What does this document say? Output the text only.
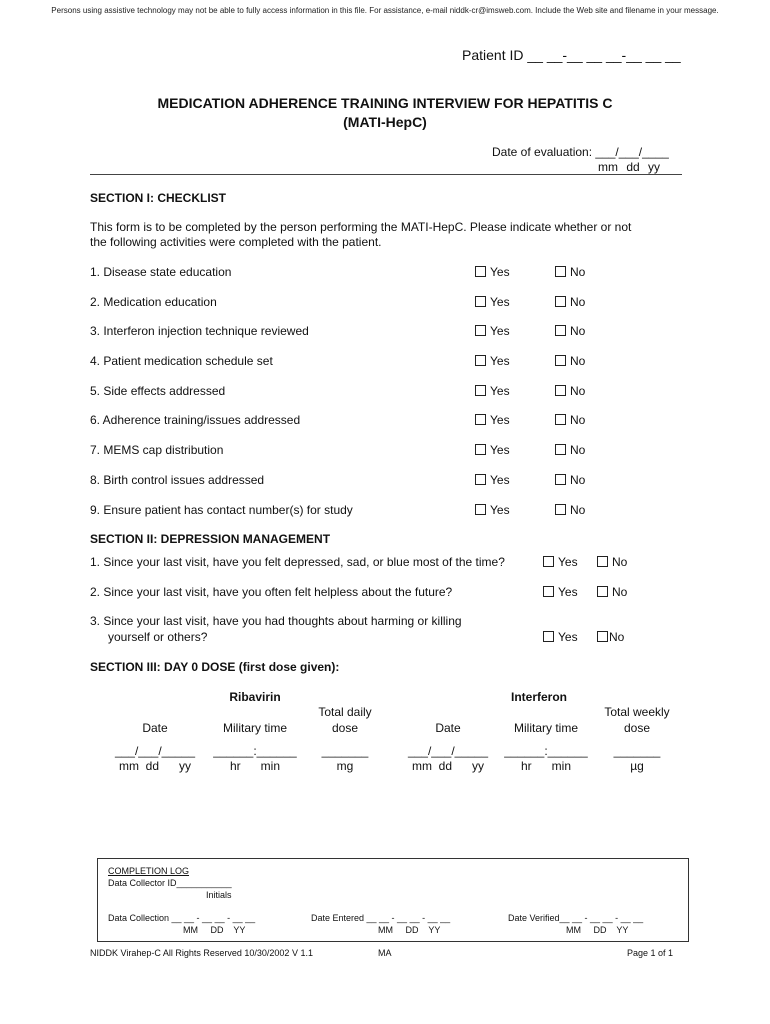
Persons using assistive technology may not be able to fully access information in this file. For assistance, e-mail niddk-cr@imsweb.com. Include the Web site and filename in your message.
Patient ID __ __-__ __ __-__ __ __
MEDICATION ADHERENCE TRAINING INTERVIEW FOR HEPATITIS C
(MATI-HepC)
Date of evaluation: ___/___/____
mm dd yy
SECTION I: CHECKLIST
This form is to be completed by the person performing the MATI-HepC. Please indicate whether or not
the following activities were completed with the patient.
1. Disease state education	Yes	No
2. Medication education	Yes	No
3. Interferon injection technique reviewed	Yes	No
4. Patient medication schedule set	Yes	No
5. Side effects addressed	Yes	No
6. Adherence training/issues addressed	Yes	No
7. MEMS cap distribution	Yes	No
8. Birth control issues addressed	Yes	No
9. Ensure patient has contact number(s) for study	Yes	No
SECTION II: DEPRESSION MANAGEMENT
1. Since your last visit, have you felt depressed, sad, or blue most of the time?	Yes	No
2. Since your last visit, have you often felt helpless about the future?	Yes	No
3. Since your last visit, have you had thoughts about harming or killing
yourself or others?	Yes	No
SECTION III: DAY 0 DOSE (first dose given):
Ribavirin	Interferon
Date	Military time
Total daily
dose
___/___/_____	______:______	_______
mm  dd      yy	hr      min	mg
Date	Military time
Total weekly
dose
___/___/_____	______:______	_______
mm  dd      yy	hr      min	µg
COMPLETION LOG
Data Collector ID___________
Initials
Data Collection __ __ - __ __ - __ __
MM     DD    YY
Date Entered __ __ - __ __ - __ __
MM     DD    YY
Date Verified__ __ - __ __ - __ __
MM     DD    YY
NIDDK Virahep-C All Rights Reserved 10/30/2002 V 1.1	MA	Page 1 of 1
